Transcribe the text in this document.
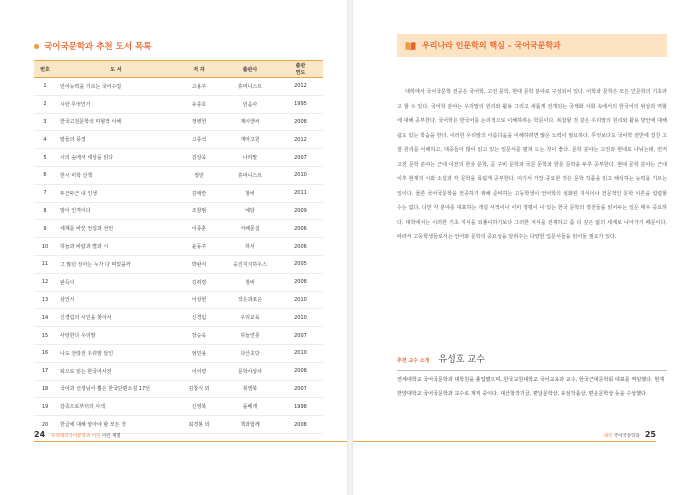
국어국문학과 추천 도서 목록
번호	도 서	저 자	출판사	출판
연도
1	언어능력을 기르는 국어수업	고용주	휴머니스트	2012
2	시란 무엇인가	유종호	민음사	1995
3	한국고전문학의 미형적 이해	정병헌	제이앤씨	2008
4	말들의 풍경	고종석	개마고원	2012
5	시의 숲에서 세상을 읽다	김상욱	나라말	2007
6	한시 미학 산책	정민	휴머니스트	2010
7	두근두근 내 인생	김애란	창비	2011
8	말이 인격이다	조항범	예담	2009
9	세계를 바꾼 언설과 선언	이종훈	서해문집	2006
10	하늘과 바람과 별과 시	윤동주	하서	2006
11	그 많던 싱아는 누가 다 먹었을까	박완서	웅진지식하우스	2005
12	완득이	김려령	창비	2008
13	삼인시	이상현	작은과포은	2010
14	신경림의 시인을 찾아서	신경림	우리교육	2010
15	사랑한다 우리말	장승욱	하늘연못	2007
16	나도 전랑전 우리말 달인	엄민용	다산초당	2010
17	퇴으로 읽는 한국여사전	이어령	문학사상사	2008
18	국어과 선생님이 뽑은 한국단편소설 17선	김창식 외	북앤북	2007
19	갈족으로부터의 사색	신영복	돌베개	1998
20	한글에 대해 알아야 할 모든 것	최경봉 외	책과함께	2008
24 우리대학국어문학과 이런 이런 계열
우리나라 인문학의 핵심 – 국어국문학과

대학에서 국어국문학 전공은 국어학, 고전 문학, 현대 문학 분야로 구성되어 있다. 어학과 문학은 모든 인문학의 기초라고 할 수 있다. 국어학 분야는 우리말의 원리와 활용 그리고 새롭게 전개되는 국제화 사회 속에서의 한국어의 위상과 역할에 대해 공부한다. 국어학은 한국어를 논리적으로 이해하려는 학문이다. 복잡할 것 같은 우리말의 원리와 활용 방안에 대해 쉽도 있는 학습을 한다. 이러한 우리말의 아름다움을 이해하려면 많은 노력이 필요하다. 무엇보다도 국어학 전반에 걸친 고찰 원리를 이해하고, 대중들이 많이 읽고 있는 일문서를 펼쳐 드는 것이 좋다. 문학 분야는 고전과 현대로 나뉘는데, 먼저 고전 문학 분야는 근대 이전의 한국 문학, 곧 구비 문학과 국문 문학과 한문 문학을 두루 공부한다. 현대 문학 분야는 근대 이후 현재의 시와 소설과 각 문학을 폭넓게 공부한다. 여기서 가장 중요한 것은 문학 작품을 읽고 해석하는 능력을 기르는 일이다. 물론 국어국문학을 전공하기 위해 준비하는 고등학생이 언어학의 심화된 지식이나 전문적인 문학 이론을 섭렵할 수는 없다. 다만 각 분야를 대표하는 개설 서적이나 이미 정평이 나 있는 한국 문학의 정전들을 읽어두는 일은 매우 중요하다. 대학에서는 이러한 기초 지식을 되풀이하기보다 그러한 지식을 전제하고 좀 더 깊은 앎의 세계로 나아가기 때문이다. 따라서 고등학생들로서는 언어와 문학의 중요성을 알려주는 다양한 입문서들을 읽어둘 필요가 있다.

추천 교수 소개 유성호 교수

연세대학교 국어국문학과 대학원을 졸업했으며, 한국교원대학교 국어교육과 교수, 한국근대문학회 대표를 역임했다. 현재 한양대학교 국어국문학과 교수로 재직 중이다. 대산창작기금, 편달문학상, 유심작품상, 편운문학상 등을 수상했다.

대학 국어국문학과 25
